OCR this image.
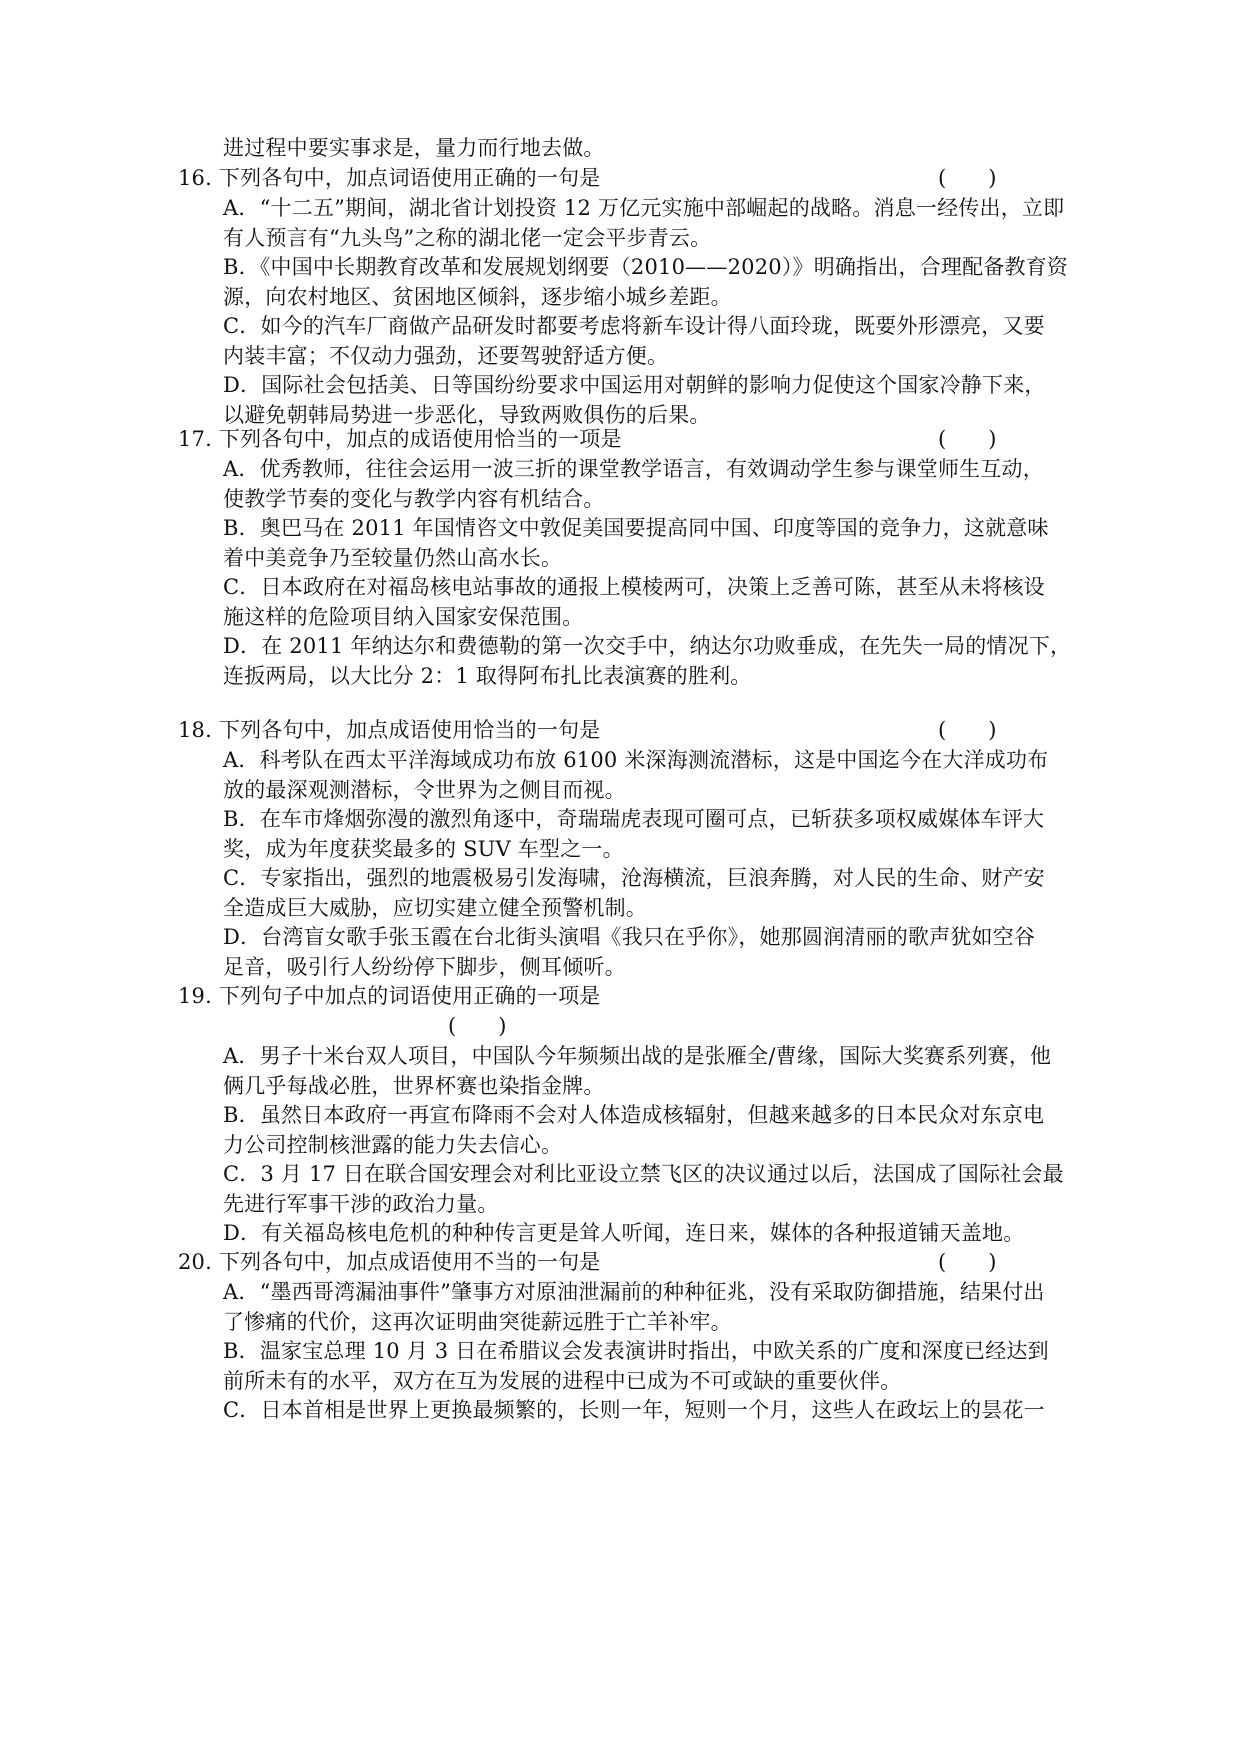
进过程中要实事求是，量力而行地去做。
16. 下列各句中，加点词语使用正确的一句是	(　　)
A．“十二五”期间，湖北省计划投资 12 万亿元实施中部崛起的战略。消息一经传出，立即
有人预言有“九头鸟”之称的湖北佬一定会平步青云。
B．《中国中长期教育改革和发展规划纲要（2010——2020）》明确指出，合理配备教育资
源，向农村地区、贫困地区倾斜，逐步缩小城乡差距。
C．如今的汽车厂商做产品研发时都要考虑将新车设计得八面玲珑，既要外形漂亮，又要
内装丰富；不仅动力强劲，还要驾驶舒适方便。
D．国际社会包括美、日等国纷纷要求中国运用对朝鲜的影响力促使这个国家冷静下来，
以避免朝韩局势进一步恶化，导致两败俱伤的后果。
17. 下列各句中，加点的成语使用恰当的一项是	(　　)
A．优秀教师，往往会运用一波三折的课堂教学语言，有效调动学生参与课堂师生互动，
使教学节奏的变化与教学内容有机结合。
B．奥巴马在 2011 年国情咨文中敦促美国要提高同中国、印度等国的竞争力，这就意味
着中美竞争乃至较量仍然山高水长。
C．日本政府在对福岛核电站事故的通报上模棱两可，决策上乏善可陈，甚至从未将核设
施这样的危险项目纳入国家安保范围。
D．在 2011 年纳达尔和费德勒的第一次交手中，纳达尔功败垂成，在先失一局的情况下，
连扳两局，以大比分 2：1 取得阿布扎比表演赛的胜利。
18. 下列各句中，加点成语使用恰当的一句是	(　　)
A．科考队在西太平洋海域成功布放 6100 米深海测流潜标，这是中国迄今在大洋成功布
放的最深观测潜标，令世界为之侧目而视。
B．在车市烽烟弥漫的激烈角逐中，奇瑞瑞虎表现可圈可点，已斩获多项权威媒体车评大
奖，成为年度获奖最多的 SUV 车型之一。
C．专家指出，强烈的地震极易引发海啸，沧海横流，巨浪奔腾，对人民的生命、财产安
全造成巨大威胁，应切实建立健全预警机制。
D．台湾盲女歌手张玉霞在台北街头演唱《我只在乎你》，她那圆润清丽的歌声犹如空谷
足音，吸引行人纷纷停下脚步，侧耳倾听。
19. 下列句子中加点的词语使用正确的一项是
(　　)
A．男子十米台双人项目，中国队今年频频出战的是张雁全/曹缘，国际大奖赛系列赛，他
俩几乎每战必胜，世界杯赛也染指金牌。
B．虽然日本政府一再宣布降雨不会对人体造成核辐射，但越来越多的日本民众对东京电
力公司控制核泄露的能力失去信心。
C．3 月 17 日在联合国安理会对利比亚设立禁飞区的决议通过以后，法国成了国际社会最
先进行军事干涉的政治力量。
D．有关福岛核电危机的种种传言更是耸人听闻，连日来，媒体的各种报道铺天盖地。
20. 下列各句中，加点成语使用不当的一句是	(　　)
A．“墨西哥湾漏油事件”肇事方对原油泄漏前的种种征兆，没有采取防御措施，结果付出
了惨痛的代价，这再次证明曲突徙薪远胜于亡羊补牢。
B．温家宝总理 10 月 3 日在希腊议会发表演讲时指出，中欧关系的广度和深度已经达到
前所未有的水平，双方在互为发展的进程中已成为不可或缺的重要伙伴。
C．日本首相是世界上更换最频繁的，长则一年，短则一个月，这些人在政坛上的昙花一
